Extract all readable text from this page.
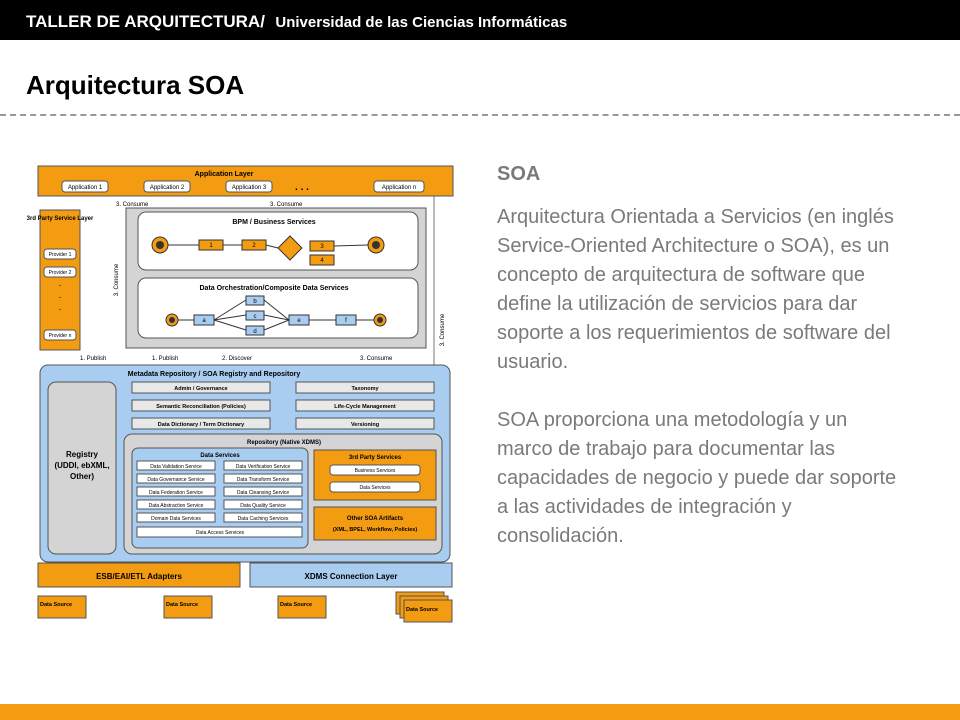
TALLER DE ARQUITECTURA/ Universidad de las Ciencias Informáticas
Arquitectura SOA
Application Layer
Application 1	Application 2	Application 3	. . .	Application n
3. Consume	3. Consume
3rd Party Service Layer
Provider 1
Provider 2
·
·
·
Provider n
3. Consume
3. Consume
BPM / Business Services
1	2	3
4
Data Orchestration/Composite Data Services
a
b
c
d
e	f
1. Publish	1. Publish	2. Discover	3. Consume
Metadata Repository / SOA Registry and Repository
Admin / Governance
Semantic Reconciliation (Policies)
Data Dictionary / Term Dictionary
Taxonomy
Life-Cycle Management
Versioning
Registry
(UDDI, ebXML,
Other)
Repository (Native XDMS)
Data Services
Data Validation Service
Data Governance Service
Data Federation Service
Data Abstraction Service
Domain Data Services
Data Verification Service
Data Transform Service
Data Cleansing Service
Data Quality Service
Data Caching Services
Data Access Services
3rd Party Services
Business Services
Data Services
Other SOA Artifacts
(XML, BPEL, Workflow, Policies)
ESB/EAI/ETL Adapters	XDMS Connection Layer
Data Source	Data Source	Data Source
Data Source
SOA

Arquitectura Orientada a Servicios (en inglés Service-Oriented Architecture o SOA), es un concepto de arquitectura de software que define la utilización de servicios para dar soporte a los requerimientos de software del usuario.

SOA proporciona una metodología y un marco de trabajo para documentar las capacidades de negocio y puede dar soporte a las actividades de integración y consolidación.
